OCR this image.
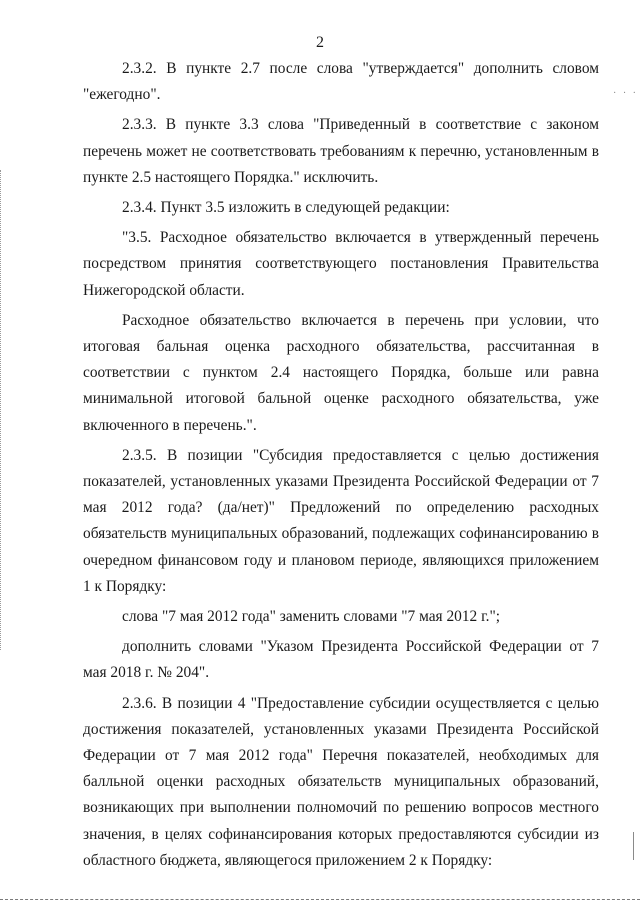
2

2.3.2. В пункте 2.7 после слова "утверждается" дополнить словом "ежегодно".

2.3.3. В пункте 3.3 слова "Приведенный в соответствие с законом перечень может не соответствовать требованиям к перечню, установленным в пункте 2.5 настоящего Порядка." исключить.

2.3.4. Пункт 3.5 изложить в следующей редакции:

"3.5. Расходное обязательство включается в утвержденный перечень посредством принятия соответствующего постановления Правительства Нижегородской области.

Расходное обязательство включается в перечень при условии, что итоговая бальная оценка расходного обязательства, рассчитанная в соответствии с пунктом 2.4 настоящего Порядка, больше или равна минимальной итоговой бальной оценке расходного обязательства, уже включенного в перечень.".

2.3.5. В позиции "Субсидия предоставляется с целью достижения показателей, установленных указами Президента Российской Федерации от 7 мая 2012 года? (да/нет)" Предложений по определению расходных обязательств муниципальных образований, подлежащих софинансированию в очередном финансовом году и плановом периоде, являющихся приложением 1 к Порядку:

слова "7 мая 2012 года" заменить словами "7 мая 2012 г.";

дополнить словами "Указом Президента Российской Федерации от 7 мая 2018 г. № 204".

2.3.6. В позиции 4 "Предоставление субсидии осуществляется с целью достижения показателей, установленных указами Президента Российской Федерации от 7 мая 2012 года" Перечня показателей, необходимых для балльной оценки расходных обязательств муниципальных образований, возникающих при выполнении полномочий по решению вопросов местного значения, в целях софинансирования которых предоставляются субсидии из областного бюджета, являющегося приложением 2 к Порядку:

· · ·
